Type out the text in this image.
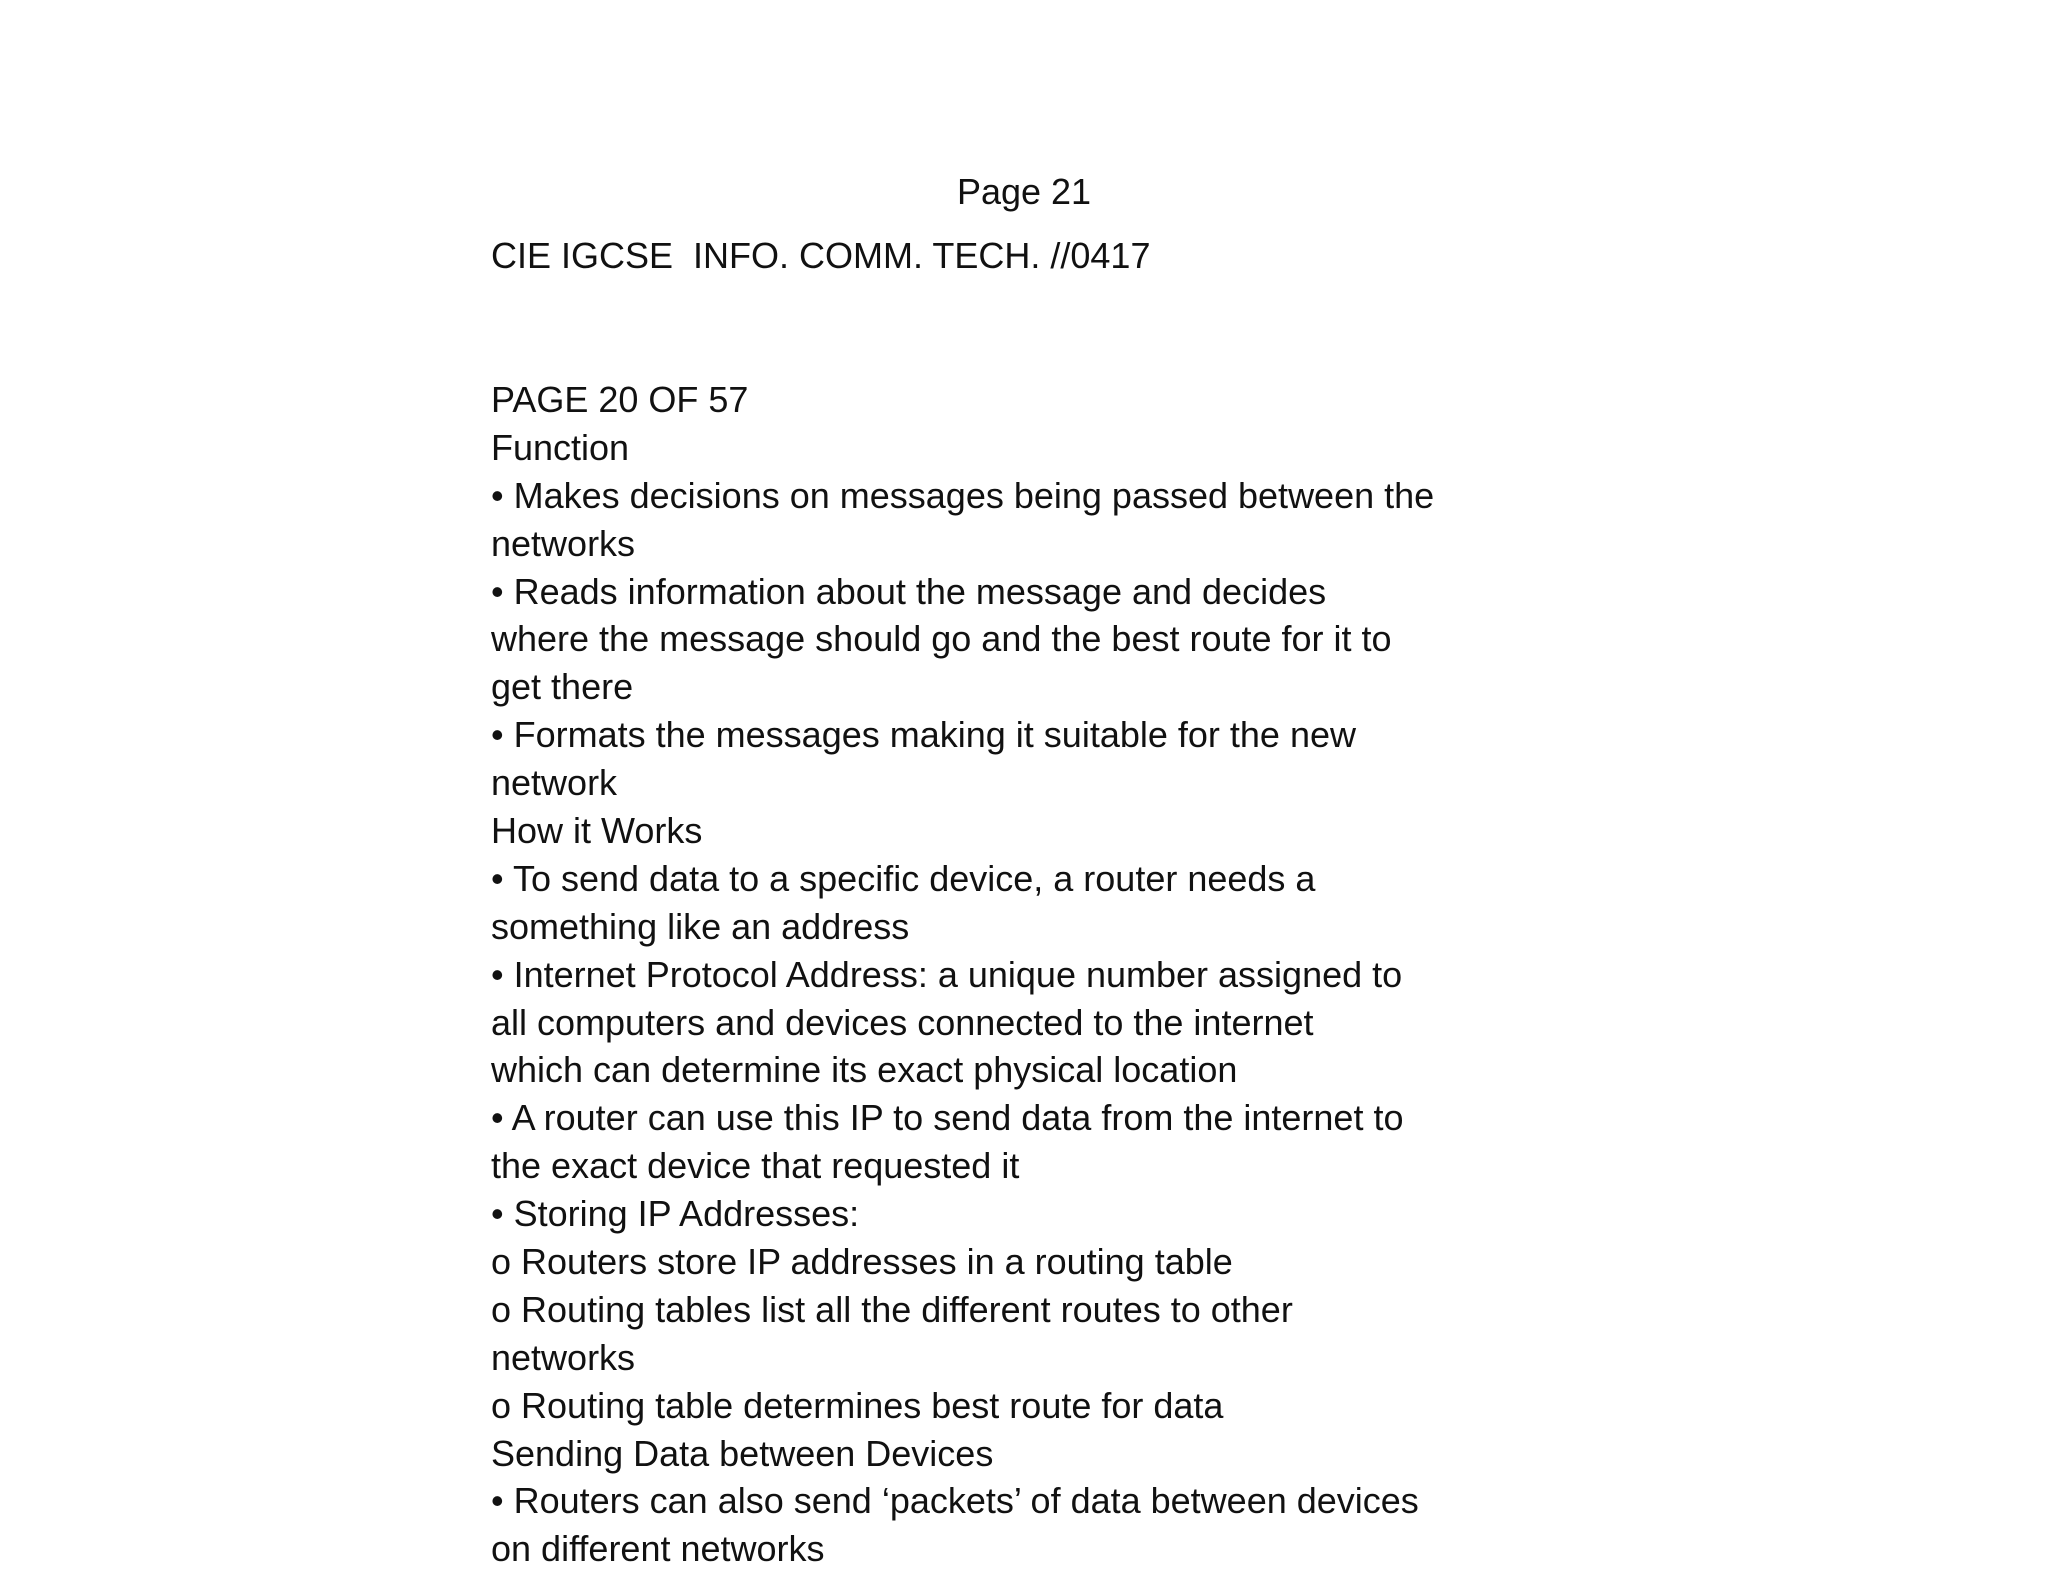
Page 21
CIE IGCSE  INFO. COMM. TECH. //0417
PAGE 20 OF 57
Function
• Makes decisions on messages being passed between the
networks
• Reads information about the message and decides
where the message should go and the best route for it to
get there
• Formats the messages making it suitable for the new
network
How it Works
• To send data to a specific device, a router needs a
something like an address
• Internet Protocol Address: a unique number assigned to
all computers and devices connected to the internet
which can determine its exact physical location
• A router can use this IP to send data from the internet to
the exact device that requested it
• Storing IP Addresses:
o Routers store IP addresses in a routing table
o Routing tables list all the different routes to other
networks
o Routing table determines best route for data
Sending Data between Devices
• Routers can also send ‘packets’ of data between devices
on different networks
